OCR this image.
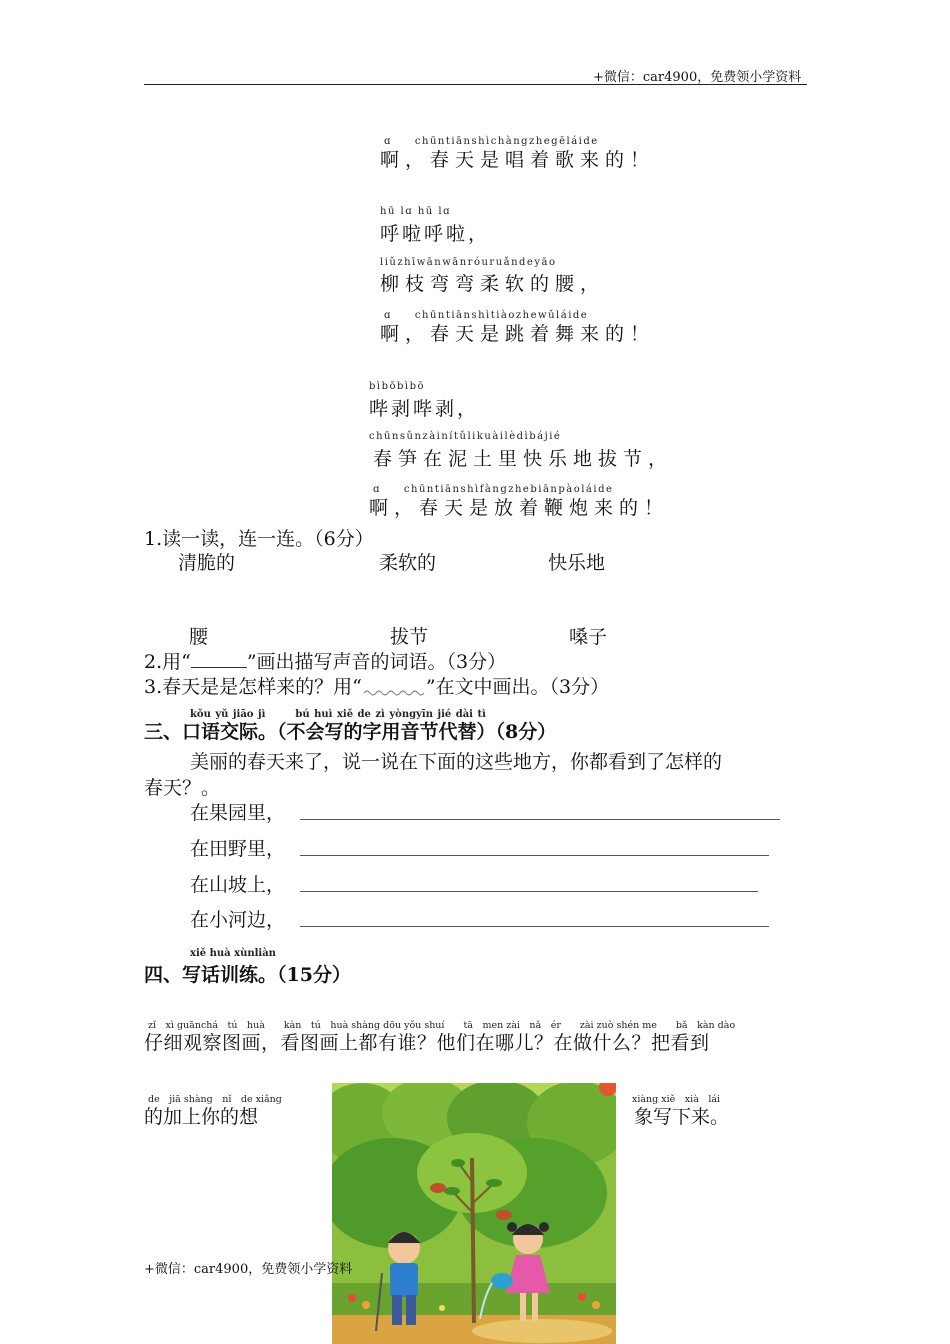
+微信：car4900，免费领小学资料
ɑ　　chūntiānshìchàngzhegēláide
啊，春天是唱着歌来的！
hū lɑ hū lɑ
呼啦呼啦，
liǔzhīwānwānróuruǎndeyāo
柳枝弯弯柔软的腰，
ɑ　　chūntiānshìtiàozhewǔláide
啊，春天是跳着舞来的！
bìbōbìbō
哔剥哔剥，
chūnsǔnzàinítǔlikuàilèdìbájié
春笋在泥土里快乐地拔节，
ɑ　　chūntiānshìfàngzhebiānpàoláide
啊，春天是放着鞭炮来的！
1.读一读，连一连。（6分）
清脆的	柔软的	快乐地
腰	拔节	嗓子
2.用“	”画出描写声音的词语。（3分）
3.春天是是怎样来的？用“	”在文中画出。（3分）
kǒu yǔ jiāo jì　　　bú huì xiě de zì yòngyīn jié dài tì
三、口语交际。（不会写的字用音节代替）（8分）
美丽的春天来了，说一说在下面的这些地方，你都看到了怎样的
春天？。
在果园里，
在田野里，
在山坡上，
在小河边，
xiě huà xùnliàn
四、写话训练。（15分）
zǐ　xì guānchá　tú　huà　　kàn　tú　huà shàng dōu yǒu shuí　　tā　men zài　nǎ　ér　　zài zuò shén me　　bǎ　kàn dào
仔细观察图画，看图画上都有谁？他们在哪儿？在做什么？把看到
de　jiā shàng　nǐ　de xiǎng
的加上你的想
xiàng xiě　xià　lái
象写下来。
+微信：car4900，免费领小学资料
